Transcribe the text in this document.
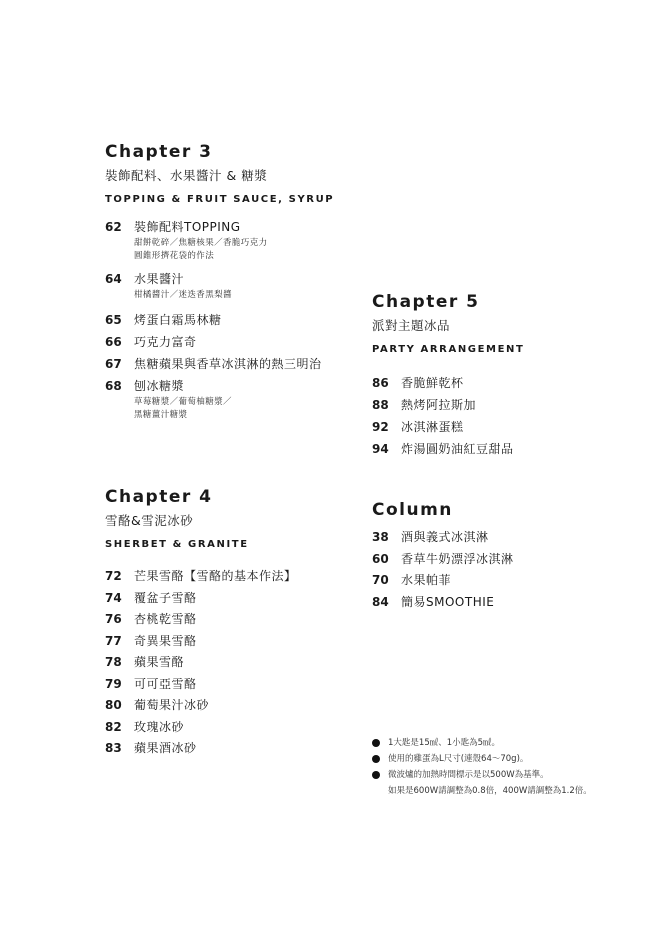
Chapter 3
裝飾配料、水果醬汁 & 糖漿
TOPPING & FRUIT SAUCE, SYRUP
62	裝飾配料TOPPING
甜餅乾碎／焦糖核果／香脆巧克力
圓錐形擠花袋的作法
64	水果醬汁
柑橘醬汁／迷迭香黑梨醬
65	烤蛋白霜馬林糖
66	巧克力富奇
67	焦糖蘋果與香草冰淇淋的熱三明治
68	刨冰糖漿
草莓糖漿／葡萄柚糖漿／
黑糖薑汁糖漿
Chapter 4
雪酪&雪泥冰砂
SHERBET & GRANITE
72	芒果雪酪【雪酪的基本作法】
74	覆盆子雪酪
76	杏桃乾雪酪
77	奇異果雪酪
78	蘋果雪酪
79	可可亞雪酪
80	葡萄果汁冰砂
82	玫瑰冰砂
83	蘋果酒冰砂
Chapter 5
派對主題冰品
PARTY ARRANGEMENT
86	香脆鮮乾杯
88	熱烤阿拉斯加
92	冰淇淋蛋糕
94	炸湯圓奶油紅豆甜品
Column
38	酒與義式冰淇淋
60	香草牛奶漂浮冰淇淋
70	水果帕菲
84	簡易SMOOTHIE
1大匙是15㎖、1小匙為5㎖。
使用的雞蛋為L尺寸(連殼64～70g)。
微波爐的加熱時間標示是以500W為基準。
如果是600W請調整為0.8倍，400W請調整為1.2倍。
